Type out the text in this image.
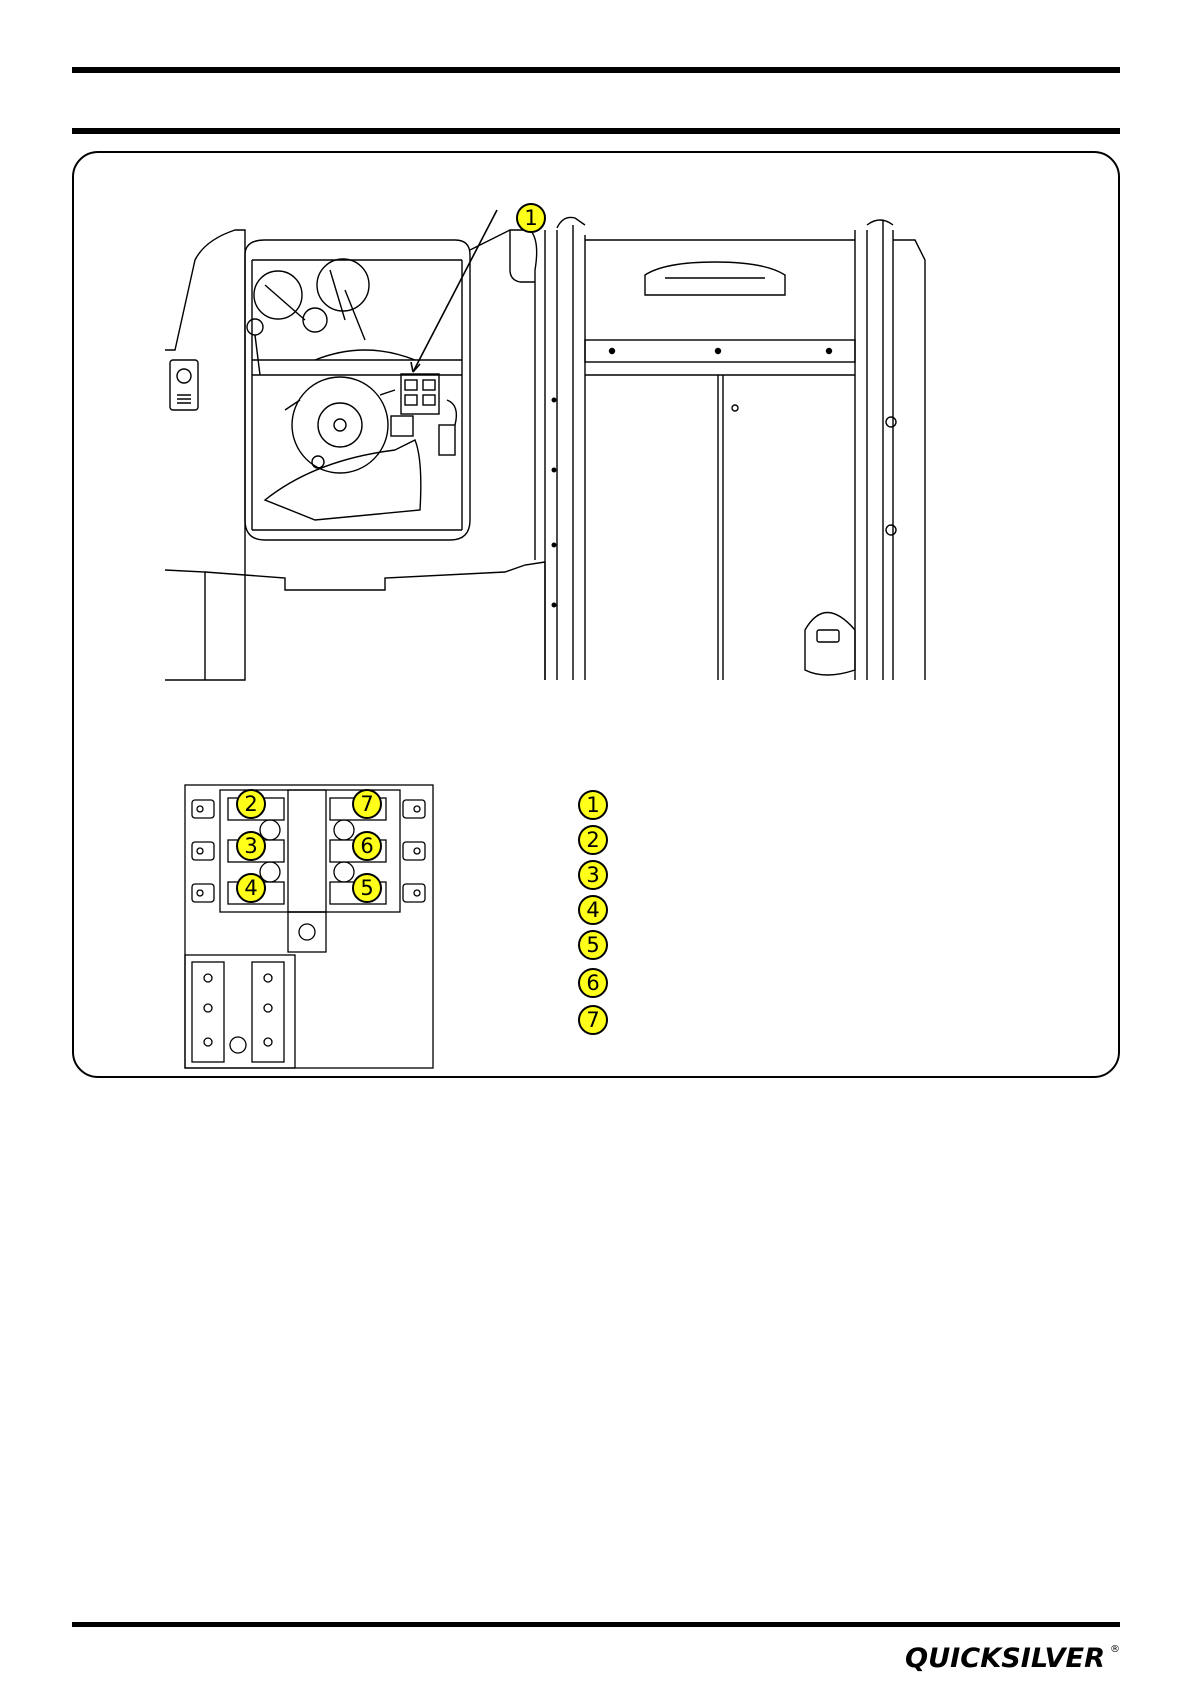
1
2
3
4
7
6
5
1
2
3
4
5
6
7
QUICKSILVER ®
